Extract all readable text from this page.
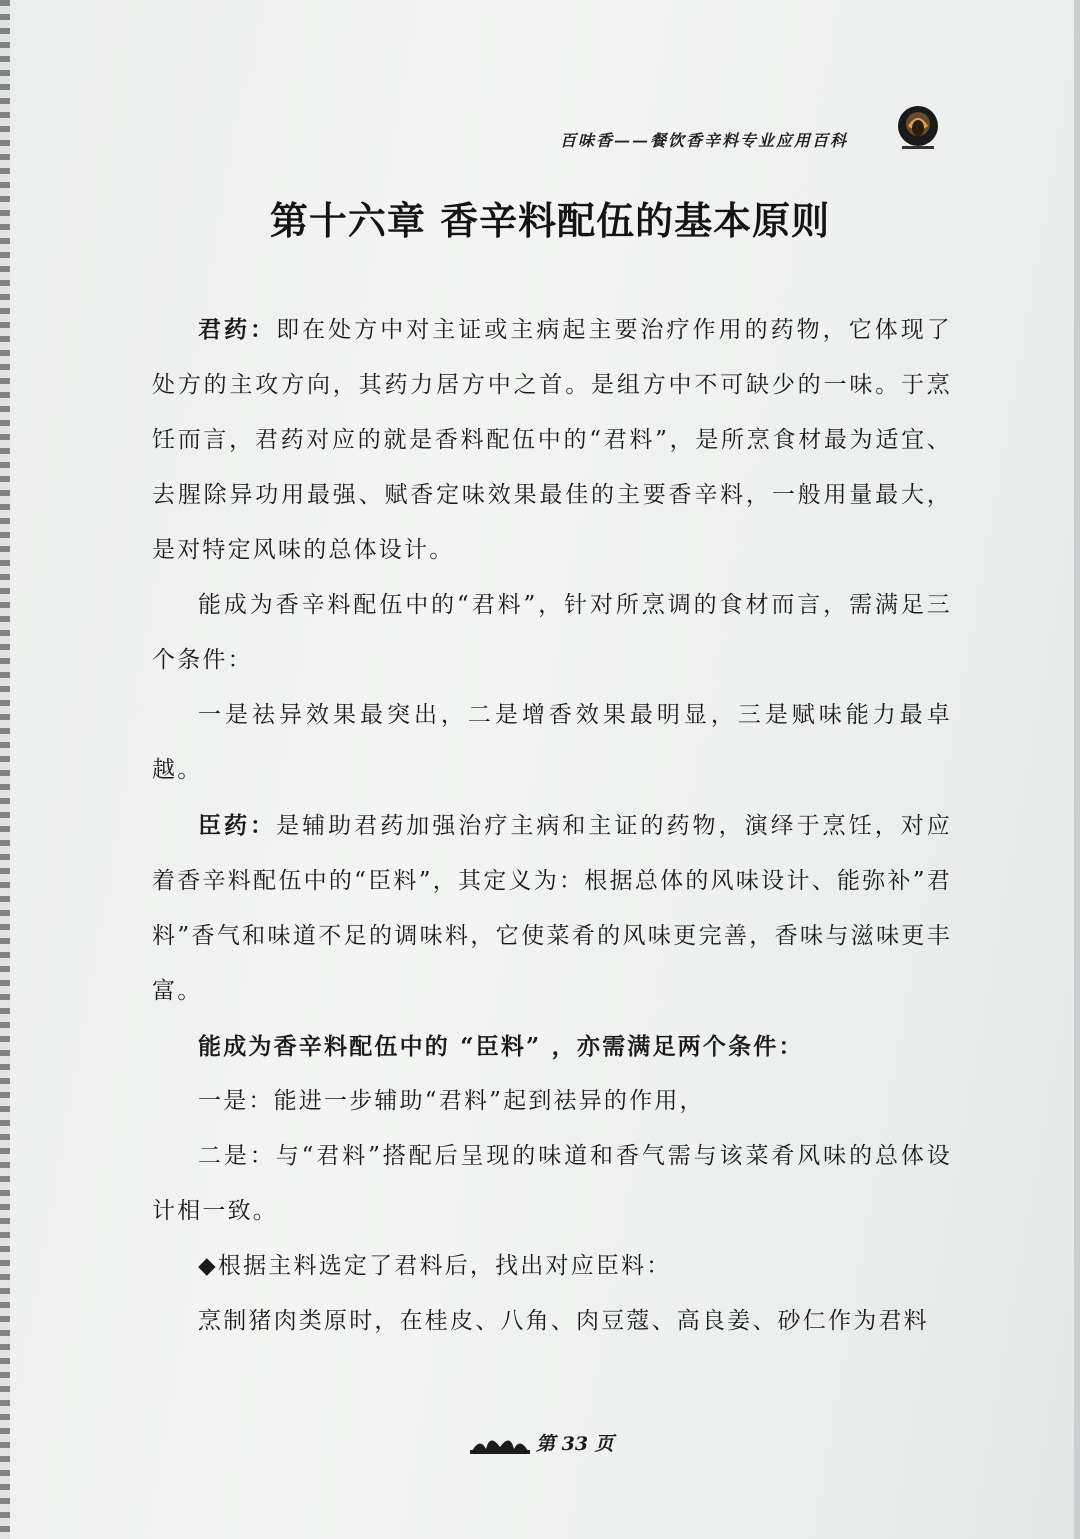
百味香——餐饮香辛料专业应用百科
第十六章 香辛料配伍的基本原则

君药：即在处方中对主证或主病起主要治疗作用的药物，它体现了处方的主攻方向，其药力居方中之首。是组方中不可缺少的一味。于烹饪而言，君药对应的就是香料配伍中的“君料”，是所烹食材最为适宜、去腥除异功用最强、赋香定味效果最佳的主要香辛料，一般用量最大，是对特定风味的总体设计。

能成为香辛料配伍中的“君料”，针对所烹调的食材而言，需满足三个条件：

一是祛异效果最突出，二是增香效果最明显，三是赋味能力最卓越。

臣药：是辅助君药加强治疗主病和主证的药物，演绎于烹饪，对应着香辛料配伍中的“臣料”，其定义为：根据总体的风味设计、能弥补”君料”香气和味道不足的调味料，它使菜肴的风味更完善，香味与滋味更丰富。

能成为香辛料配伍中的 “臣料” ，亦需满足两个条件：

一是：能进一步辅助“君料”起到祛异的作用，

二是：与“君料”搭配后呈现的味道和香气需与该菜肴风味的总体设计相一致。

◆根据主料选定了君料后，找出对应臣料：

烹制猪肉类原时，在桂皮、八角、肉豆蔻、高良姜、砂仁作为君料

第 33 页
